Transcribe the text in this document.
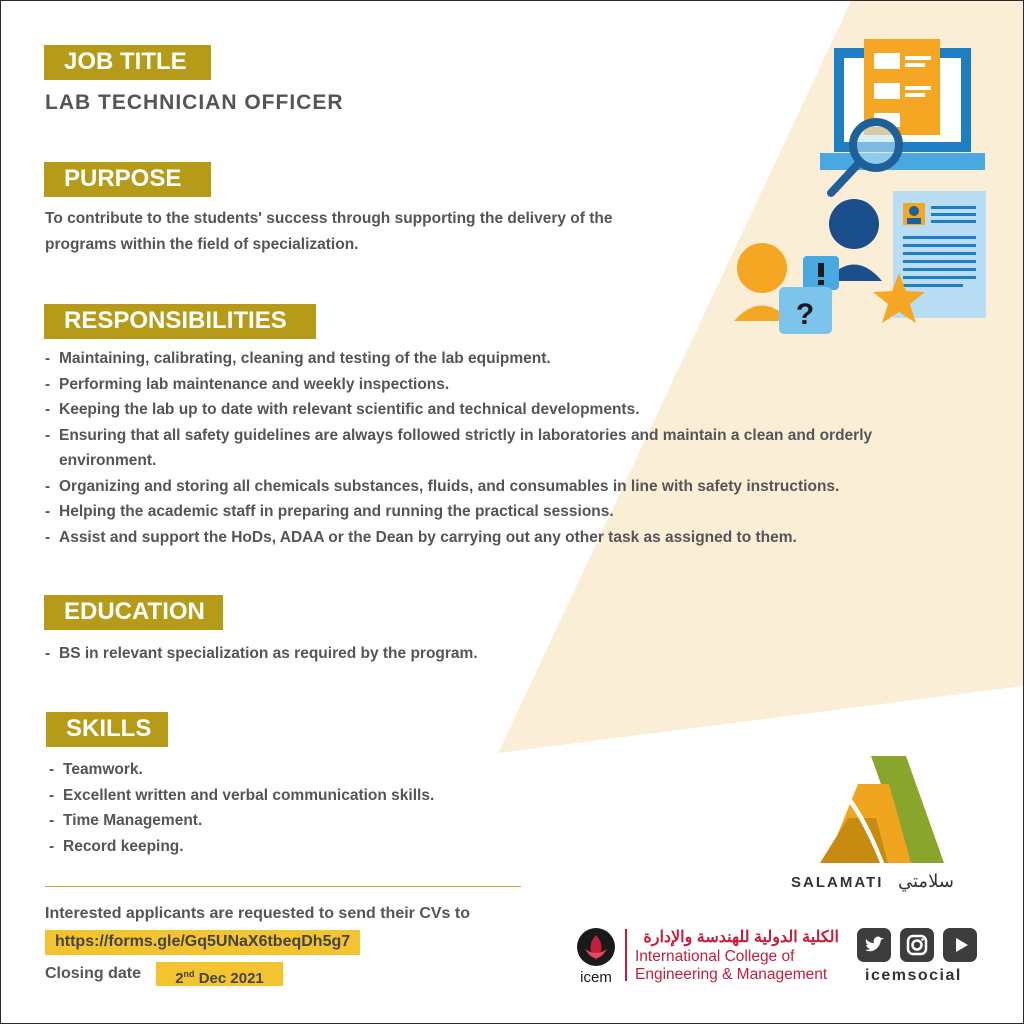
JOB TITLE
LAB TECHNICIAN OFFICER
PURPOSE
To contribute to the students' success through supporting the delivery of the
programs within the field of specialization.
RESPONSIBILITIES
- Maintaining, calibrating, cleaning and testing of the lab equipment.
- Performing lab maintenance and weekly inspections.
- Keeping the lab up to date with relevant scientific and technical developments.
- Ensuring that all safety guidelines are always followed strictly in laboratories and maintain a clean and orderly environment.
- Organizing and storing all chemicals substances, fluids, and consumables in line with safety instructions.
- Helping the academic staff in preparing and running the practical sessions.
- Assist and support the HoDs, ADAA or the Dean by carrying out any other task as assigned to them.
EDUCATION
- BS in relevant specialization as required by the program.
SKILLS
- Teamwork.
- Excellent written and verbal communication skills.
- Time Management.
- Record keeping.
Interested applicants are requested to send their CVs to
https://forms.gle/Gq5UNaX6tbeqDh5g7
Closing date	2nd Dec 2021
?
SALAMATI سلامتي
icem
الكلية الدولية للهندسة والإدارة
International College of
Engineering & Management icemsocial
